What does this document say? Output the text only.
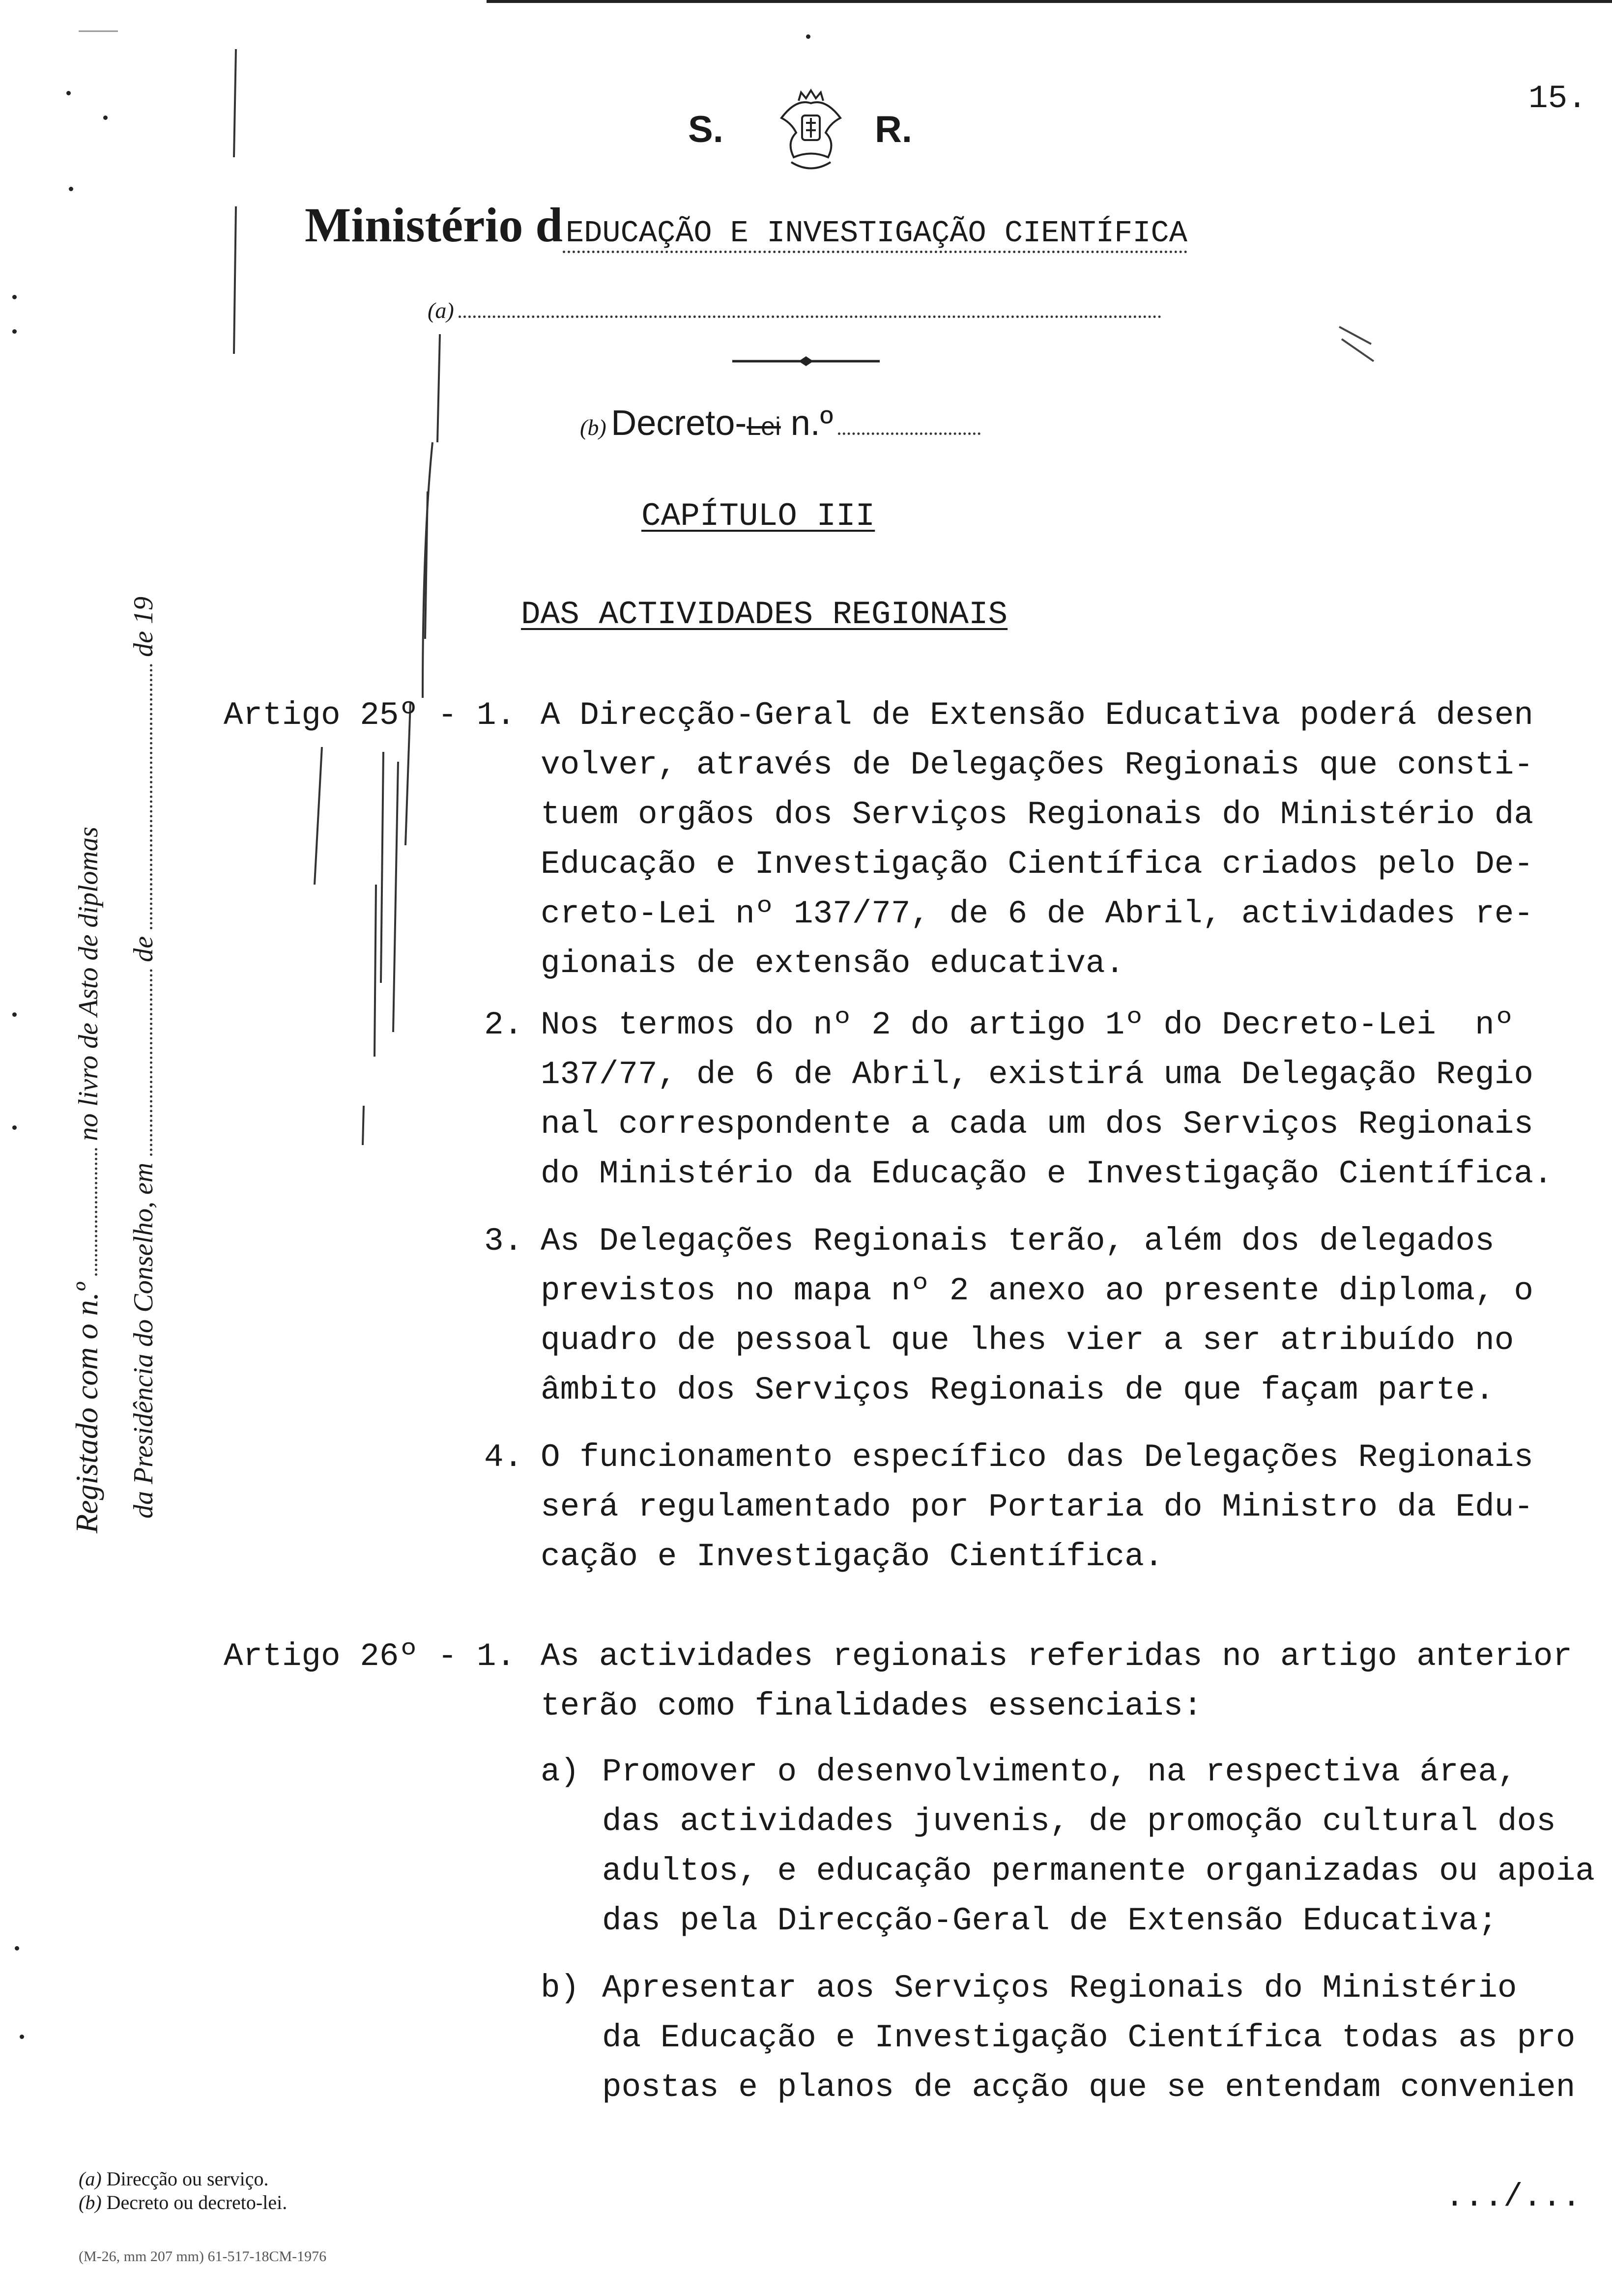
15.
S.	R.
Ministério dEDUCAÇÃO E INVESTIGAÇÃO CIENTÍFICA
(a)
(b) Decreto-Lei n.º
CAPÍTULO III
DAS ACTIVIDADES REGIONAIS
Registado com o n.º  no livro de Asto de diplomas
da Presidência do Conselho, em  de  de 19
Artigo 25º - 1. A Direcção-Geral de Extensão Educativa poderá desen
volver, através de Delegações Regionais que consti-
tuem orgãos dos Serviços Regionais do Ministério da
Educação e Investigação Científica criados pelo De-
creto-Lei nº 137/77, de 6 de Abril, actividades re-
gionais de extensão educativa.
2. Nos termos do nº 2 do artigo 1º do Decreto-Lei  nº
137/77, de 6 de Abril, existirá uma Delegação Regio
nal correspondente a cada um dos Serviços Regionais
do Ministério da Educação e Investigação Científica.
3. As Delegações Regionais terão, além dos delegados
previstos no mapa nº 2 anexo ao presente diploma, o
quadro de pessoal que lhes vier a ser atribuído no
âmbito dos Serviços Regionais de que façam parte.
4. O funcionamento específico das Delegações Regionais
será regulamentado por Portaria do Ministro da Edu-
cação e Investigação Científica.
Artigo 26º - 1. As actividades regionais referidas no artigo anterior
terão como finalidades essenciais:
a) Promover o desenvolvimento, na respectiva área,
das actividades juvenis, de promoção cultural dos
adultos, e educação permanente organizadas ou apoia
das pela Direcção-Geral de Extensão Educativa;
b) Apresentar aos Serviços Regionais do Ministério
da Educação e Investigação Científica todas as pro
postas e planos de acção que se entendam convenien
(a) Direcção ou serviço.
(b) Decreto ou decreto-lei.
(M-26, mm 207 mm) 61-517-18CM-1976
.../...
